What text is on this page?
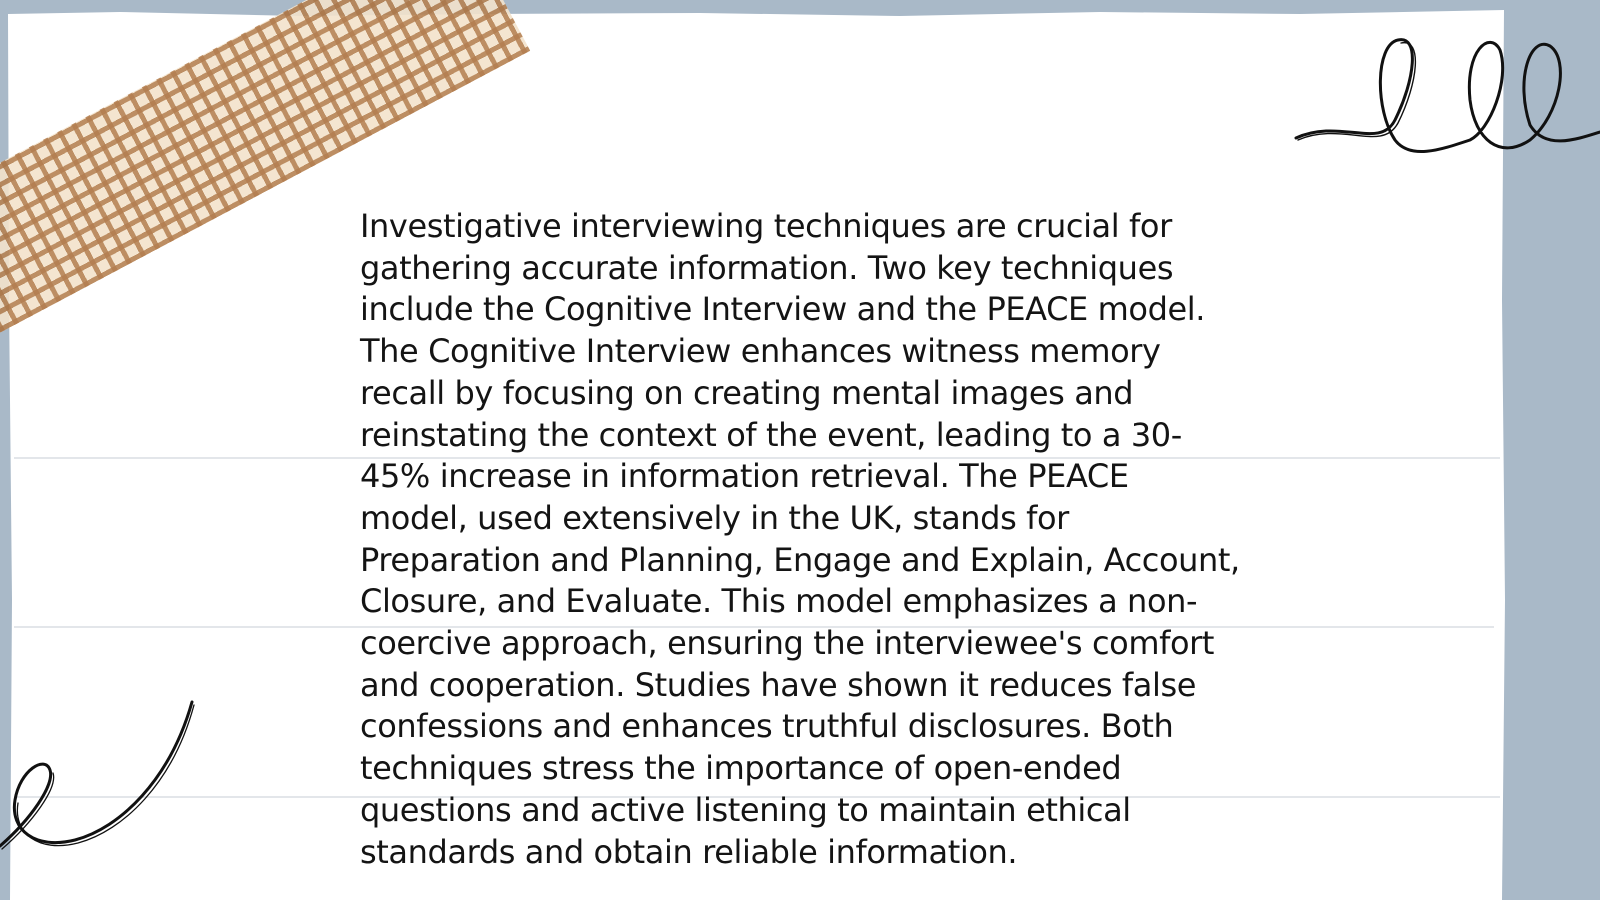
Investigative interviewing techniques are crucial for gathering accurate information. Two key techniques include the Cognitive Interview and the PEACE model. The Cognitive Interview enhances witness memory recall by focusing on creating mental images and reinstating the context of the event, leading to a 30-45% increase in information retrieval. The PEACE model, used extensively in the UK, stands for Preparation and Planning, Engage and Explain, Account, Closure, and Evaluate. This model emphasizes a non-coercive approach, ensuring the interviewee's comfort and cooperation. Studies have shown it reduces false confessions and enhances truthful disclosures. Both techniques stress the importance of open-ended questions and active listening to maintain ethical standards and obtain reliable information.
